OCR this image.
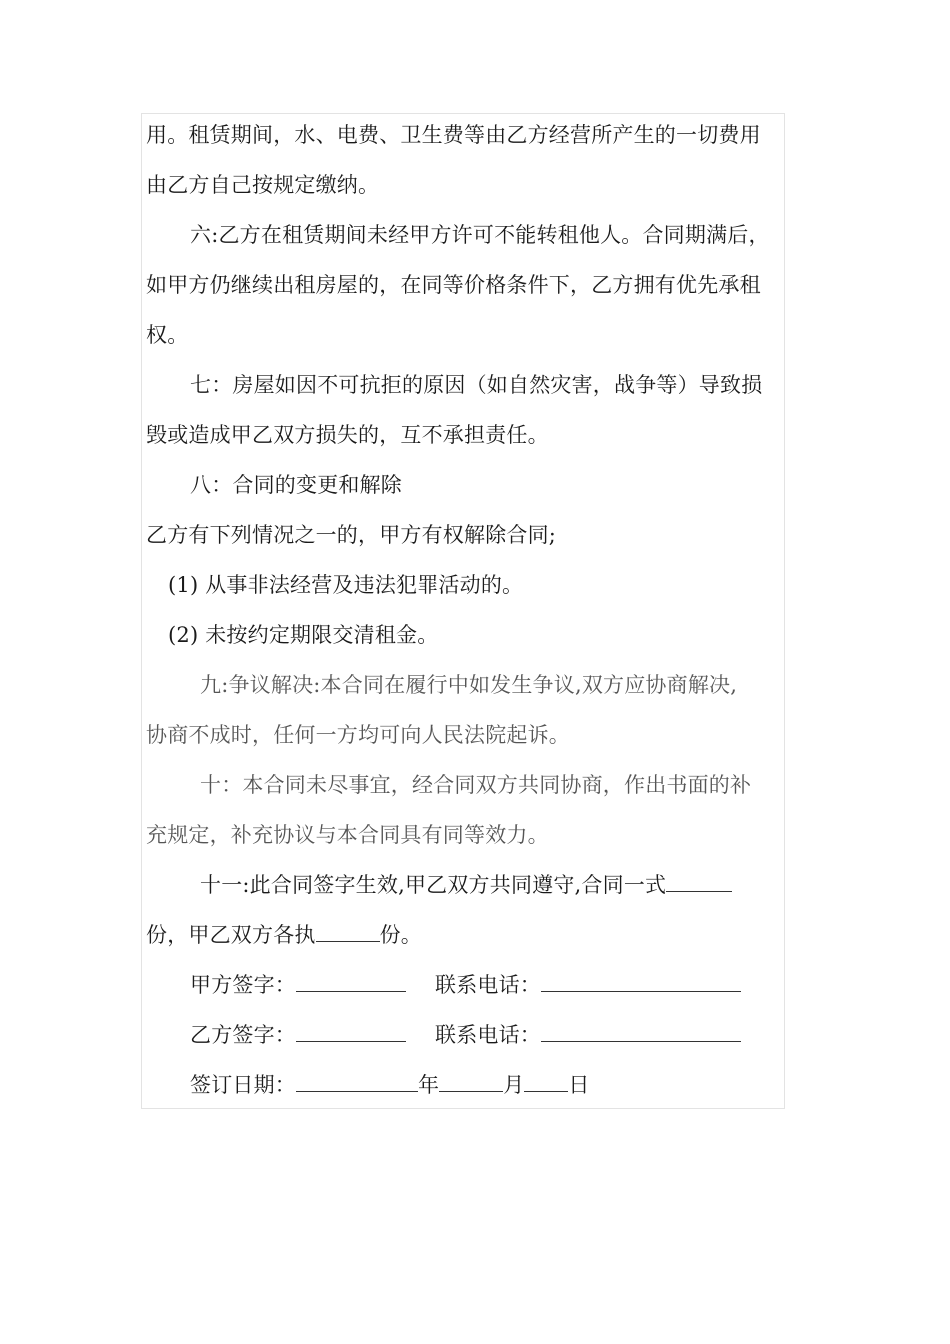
用。租赁期间，水、电费、卫生费等由乙方经营所产生的一切费用
由乙方自己按规定缴纳。
六:乙方在租赁期间未经甲方许可不能转租他人。合同期满后，
如甲方仍继续出租房屋的，在同等价格条件下，乙方拥有优先承租
权。
七：房屋如因不可抗拒的原因（如自然灾害，战争等）导致损
毁或造成甲乙双方损失的，互不承担责任。
八：合同的变更和解除
乙方有下列情况之一的，甲方有权解除合同;
(1) 从事非法经营及违法犯罪活动的。
(2) 未按约定期限交清租金。
九:争议解决:本合同在履行中如发生争议,双方应协商解决,
协商不成时，任何一方均可向人民法院起诉。
十：本合同未尽事宜，经合同双方共同协商，作出书面的补
充规定，补充协议与本合同具有同等效力。
十一:此合同签字生效,甲乙双方共同遵守,合同一式
份，甲乙双方各执	份。
甲方签字：	联系电话：
乙方签字：	联系电话：
签订日期：	年	月 日
